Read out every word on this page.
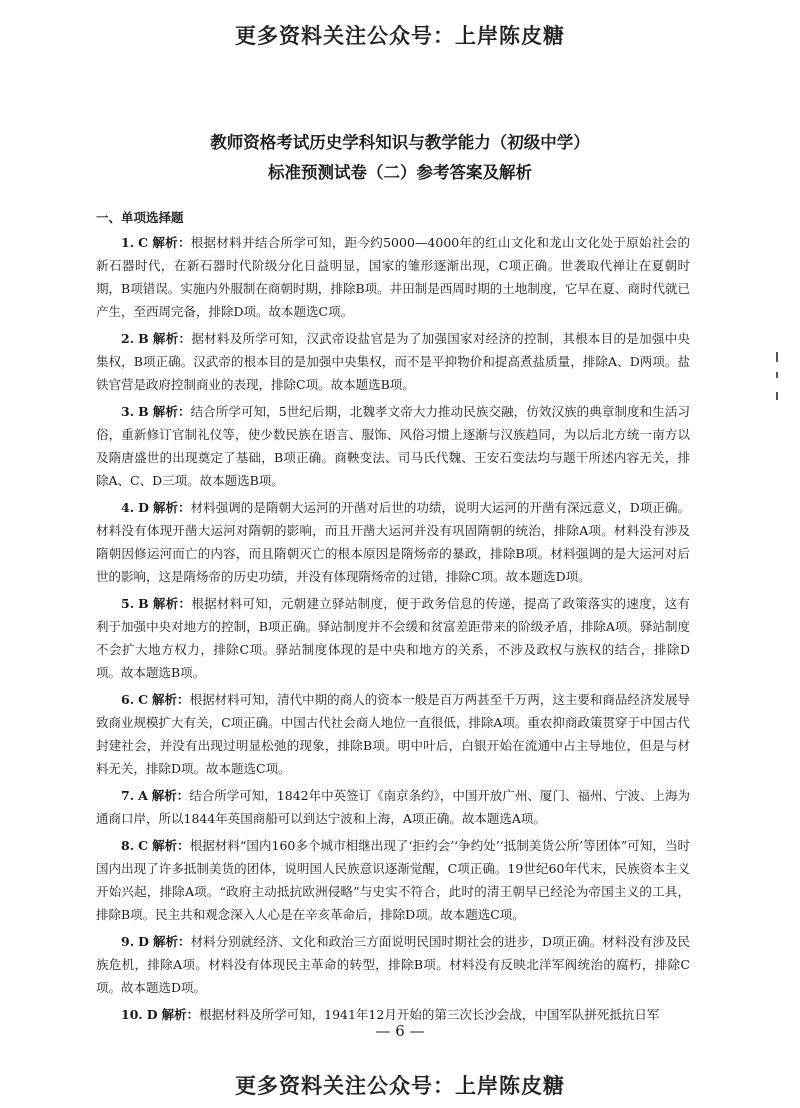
更多资料关注公众号：上岸陈皮糖
教师资格考试历史学科知识与教学能力（初级中学）
标准预测试卷（二）参考答案及解析
一、单项选择题

1. C 解析：根据材料并结合所学可知，距今约5000—4000年的红山文化和龙山文化处于原始社会的新石器时代，在新石器时代阶级分化日益明显，国家的雏形逐渐出现，C项正确。世袭取代禅让在夏朝时期，B项错误。实施内外服制在商朝时期，排除B项。井田制是西周时期的土地制度，它早在夏、商时代就已产生，至西周完备，排除D项。故本题选C项。

2. B 解析：据材料及所学可知，汉武帝设盐官是为了加强国家对经济的控制，其根本目的是加强中央集权，B项正确。汉武帝的根本目的是加强中央集权，而不是平抑物价和提高煮盐质量，排除A、D两项。盐铁官营是政府控制商业的表现，排除C项。故本题选B项。

3. B 解析：结合所学可知，5世纪后期，北魏孝文帝大力推动民族交融，仿效汉族的典章制度和生活习俗，重新修订官制礼仪等，使少数民族在语言、服饰、风俗习惯上逐渐与汉族趋同，为以后北方统一南方以及隋唐盛世的出现奠定了基础，B项正确。商鞅变法、司马氏代魏、王安石变法均与题干所述内容无关，排除A、C、D三项。故本题选B项。

4. D 解析：材料强调的是隋朝大运河的开凿对后世的功绩，说明大运河的开凿有深远意义，D项正确。材料没有体现开凿大运河对隋朝的影响，而且开凿大运河并没有巩固隋朝的统治，排除A项。材料没有涉及隋朝因修运河而亡的内容，而且隋朝灭亡的根本原因是隋炀帝的暴政，排除B项。材料强调的是大运河对后世的影响，这是隋炀帝的历史功绩，并没有体现隋炀帝的过错，排除C项。故本题选D项。

5. B 解析：根据材料可知，元朝建立驿站制度，便于政务信息的传递，提高了政策落实的速度，这有利于加强中央对地方的控制，B项正确。驿站制度并不会缓和贫富差距带来的阶级矛盾，排除A项。驿站制度不会扩大地方权力，排除C项。驿站制度体现的是中央和地方的关系，不涉及政权与族权的结合，排除D项。故本题选B项。

6. C 解析：根据材料可知，清代中期的商人的资本一般是百万两甚至千万两，这主要和商品经济发展导致商业规模扩大有关，C项正确。中国古代社会商人地位一直很低，排除A项。重农抑商政策贯穿于中国古代封建社会，并没有出现过明显松弛的现象，排除B项。明中叶后，白银开始在流通中占主导地位，但是与材料无关，排除D项。故本题选C项。

7. A 解析：结合所学可知，1842年中英签订《南京条约》，中国开放广州、厦门、福州、宁波、上海为通商口岸，所以1844年英国商船可以到达宁波和上海，A项正确。故本题选A项。

8. C 解析：根据材料“国内160多个城市相继出现了‘拒约会’‘争约处’‘抵制美货公所’等团体”可知，当时国内出现了许多抵制美货的团体，说明国人民族意识逐渐觉醒，C项正确。19世纪60年代末，民族资本主义开始兴起，排除A项。“政府主动抵抗欧洲侵略”与史实不符合，此时的清王朝早已经沦为帝国主义的工具，排除B项。民主共和观念深入人心是在辛亥革命后，排除D项。故本题选C项。

9. D 解析：材料分别就经济、文化和政治三方面说明民国时期社会的进步，D项正确。材料没有涉及民族危机，排除A项。材料没有体现民主革命的转型，排除B项。材料没有反映北洋军阀统治的腐朽，排除C项。故本题选D项。

10. D 解析：根据材料及所学可知，1941年12月开始的第三次长沙会战，中国军队拼死抵抗日军

— 6 —
更多资料关注公众号：上岸陈皮糖
